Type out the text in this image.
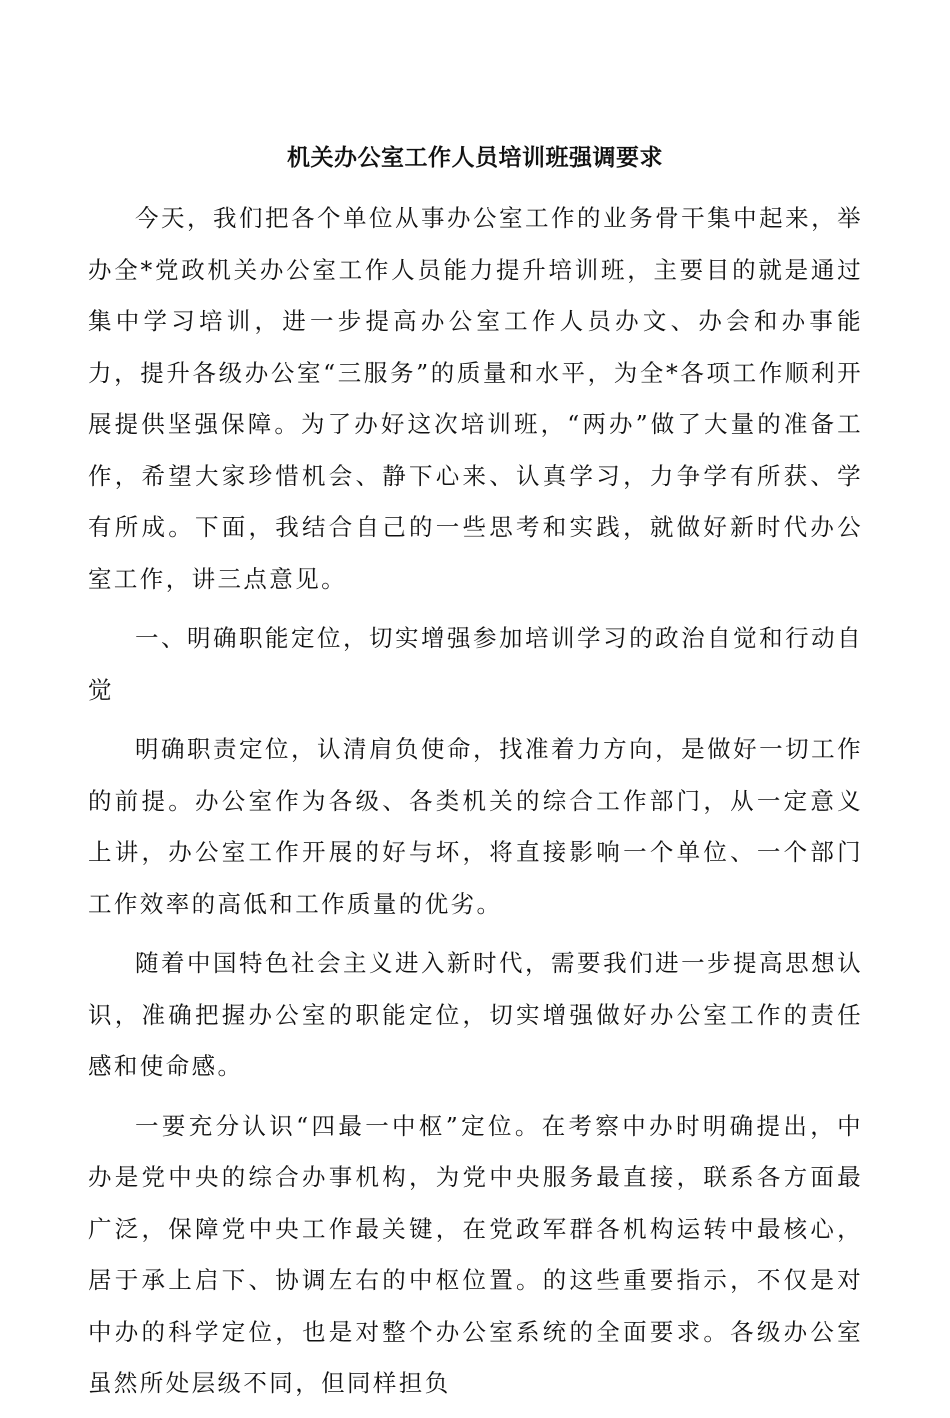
机关办公室工作人员培训班强调要求

今天，我们把各个单位从事办公室工作的业务骨干集中起来，举办全*党政机关办公室工作人员能力提升培训班，主要目的就是通过集中学习培训，进一步提高办公室工作人员办文、办会和办事能力，提升各级办公室“三服务”的质量和水平，为全*各项工作顺利开展提供坚强保障。为了办好这次培训班，“两办”做了大量的准备工作，希望大家珍惜机会、静下心来、认真学习，力争学有所获、学有所成。下面，我结合自己的一些思考和实践，就做好新时代办公室工作，讲三点意见。

一、明确职能定位，切实增强参加培训学习的政治自觉和行动自觉

明确职责定位，认清肩负使命，找准着力方向，是做好一切工作的前提。办公室作为各级、各类机关的综合工作部门，从一定意义上讲，办公室工作开展的好与坏，将直接影响一个单位、一个部门工作效率的高低和工作质量的优劣。

随着中国特色社会主义进入新时代，需要我们进一步提高思想认识，准确把握办公室的职能定位，切实增强做好办公室工作的责任感和使命感。

一要充分认识“四最一中枢”定位。在考察中办时明确提出，中办是党中央的综合办事机构，为党中央服务最直接，联系各方面最广泛，保障党中央工作最关键，在党政军群各机构运转中最核心，居于承上启下、协调左右的中枢位置。的这些重要指示，不仅是对中办的科学定位，也是对整个办公室系统的全面要求。各级办公室虽然所处层级不同，但同样担负
